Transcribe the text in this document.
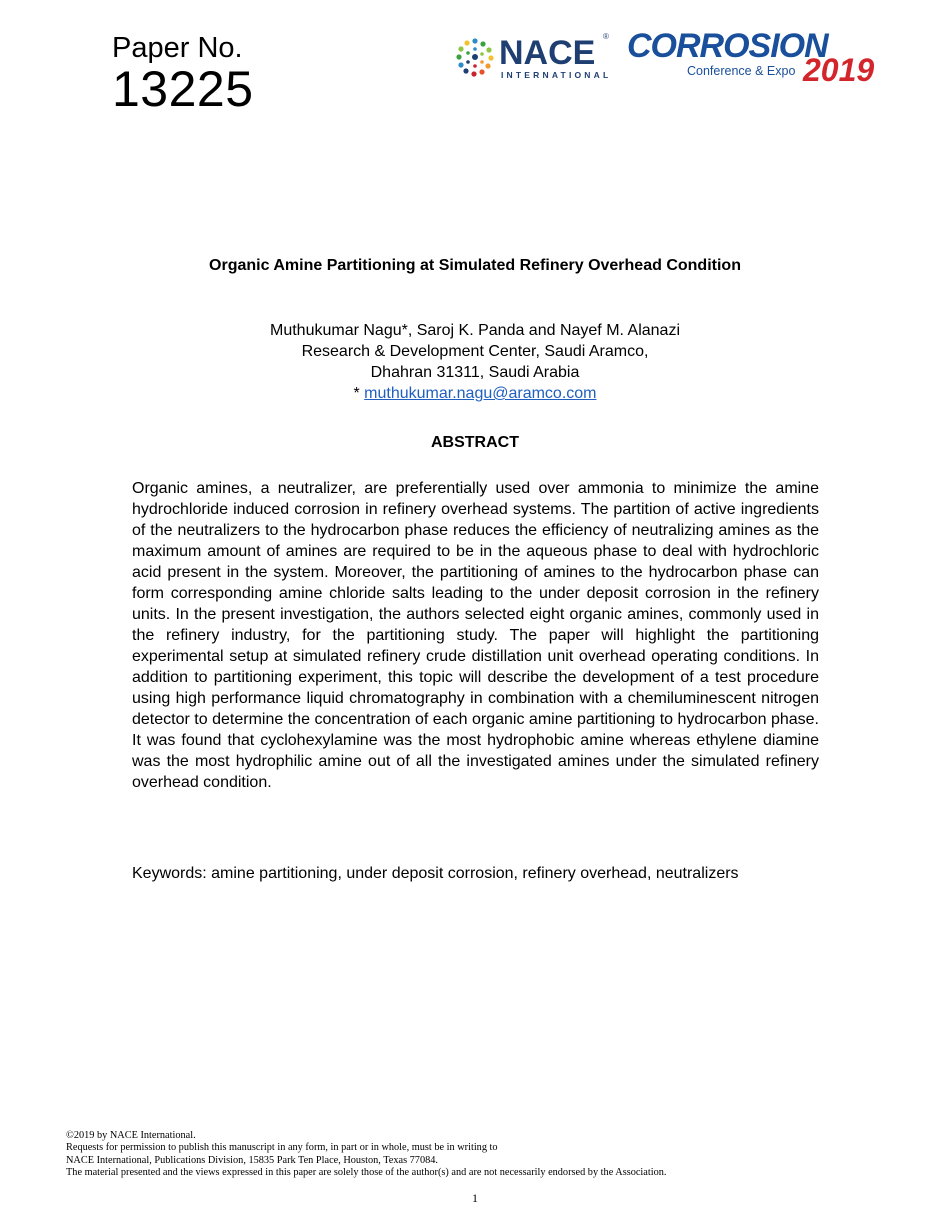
Paper No.
13225
NACE ®
INTERNATIONAL
CORROSION
Conference & Expo 2019
Organic Amine Partitioning at Simulated Refinery Overhead Condition
Muthukumar Nagu*, Saroj K. Panda and Nayef M. Alanazi
Research & Development Center, Saudi Aramco,
Dhahran 31311, Saudi Arabia
* muthukumar.nagu@aramco.com
ABSTRACT
Organic amines, a neutralizer, are preferentially used over ammonia to minimize the amine hydrochloride induced corrosion in refinery overhead systems. The partition of active ingredients of the neutralizers to the hydrocarbon phase reduces the efficiency of neutralizing amines as the maximum amount of amines are required to be in the aqueous phase to deal with hydrochloric acid present in the system. Moreover, the partitioning of amines to the hydrocarbon phase can form corresponding amine chloride salts leading to the under deposit corrosion in the refinery units. In the present investigation, the authors selected eight organic amines, commonly used in the refinery industry, for the partitioning study. The paper will highlight the partitioning experimental setup at simulated refinery crude distillation unit overhead operating conditions. In addition to partitioning experiment, this topic will describe the development of a test procedure using high performance liquid chromatography in combination with a chemiluminescent nitrogen detector to determine the concentration of each organic amine partitioning to hydrocarbon phase. It was found that cyclohexylamine was the most hydrophobic amine whereas ethylene diamine was the most hydrophilic amine out of all the investigated amines under the simulated refinery overhead condition.
Keywords: amine partitioning, under deposit corrosion, refinery overhead, neutralizers
©2019 by NACE International.
Requests for permission to publish this manuscript in any form, in part or in whole, must be in writing to
NACE International, Publications Division, 15835 Park Ten Place, Houston, Texas 77084.
The material presented and the views expressed in this paper are solely those of the author(s) and are not necessarily endorsed by the Association.
1
